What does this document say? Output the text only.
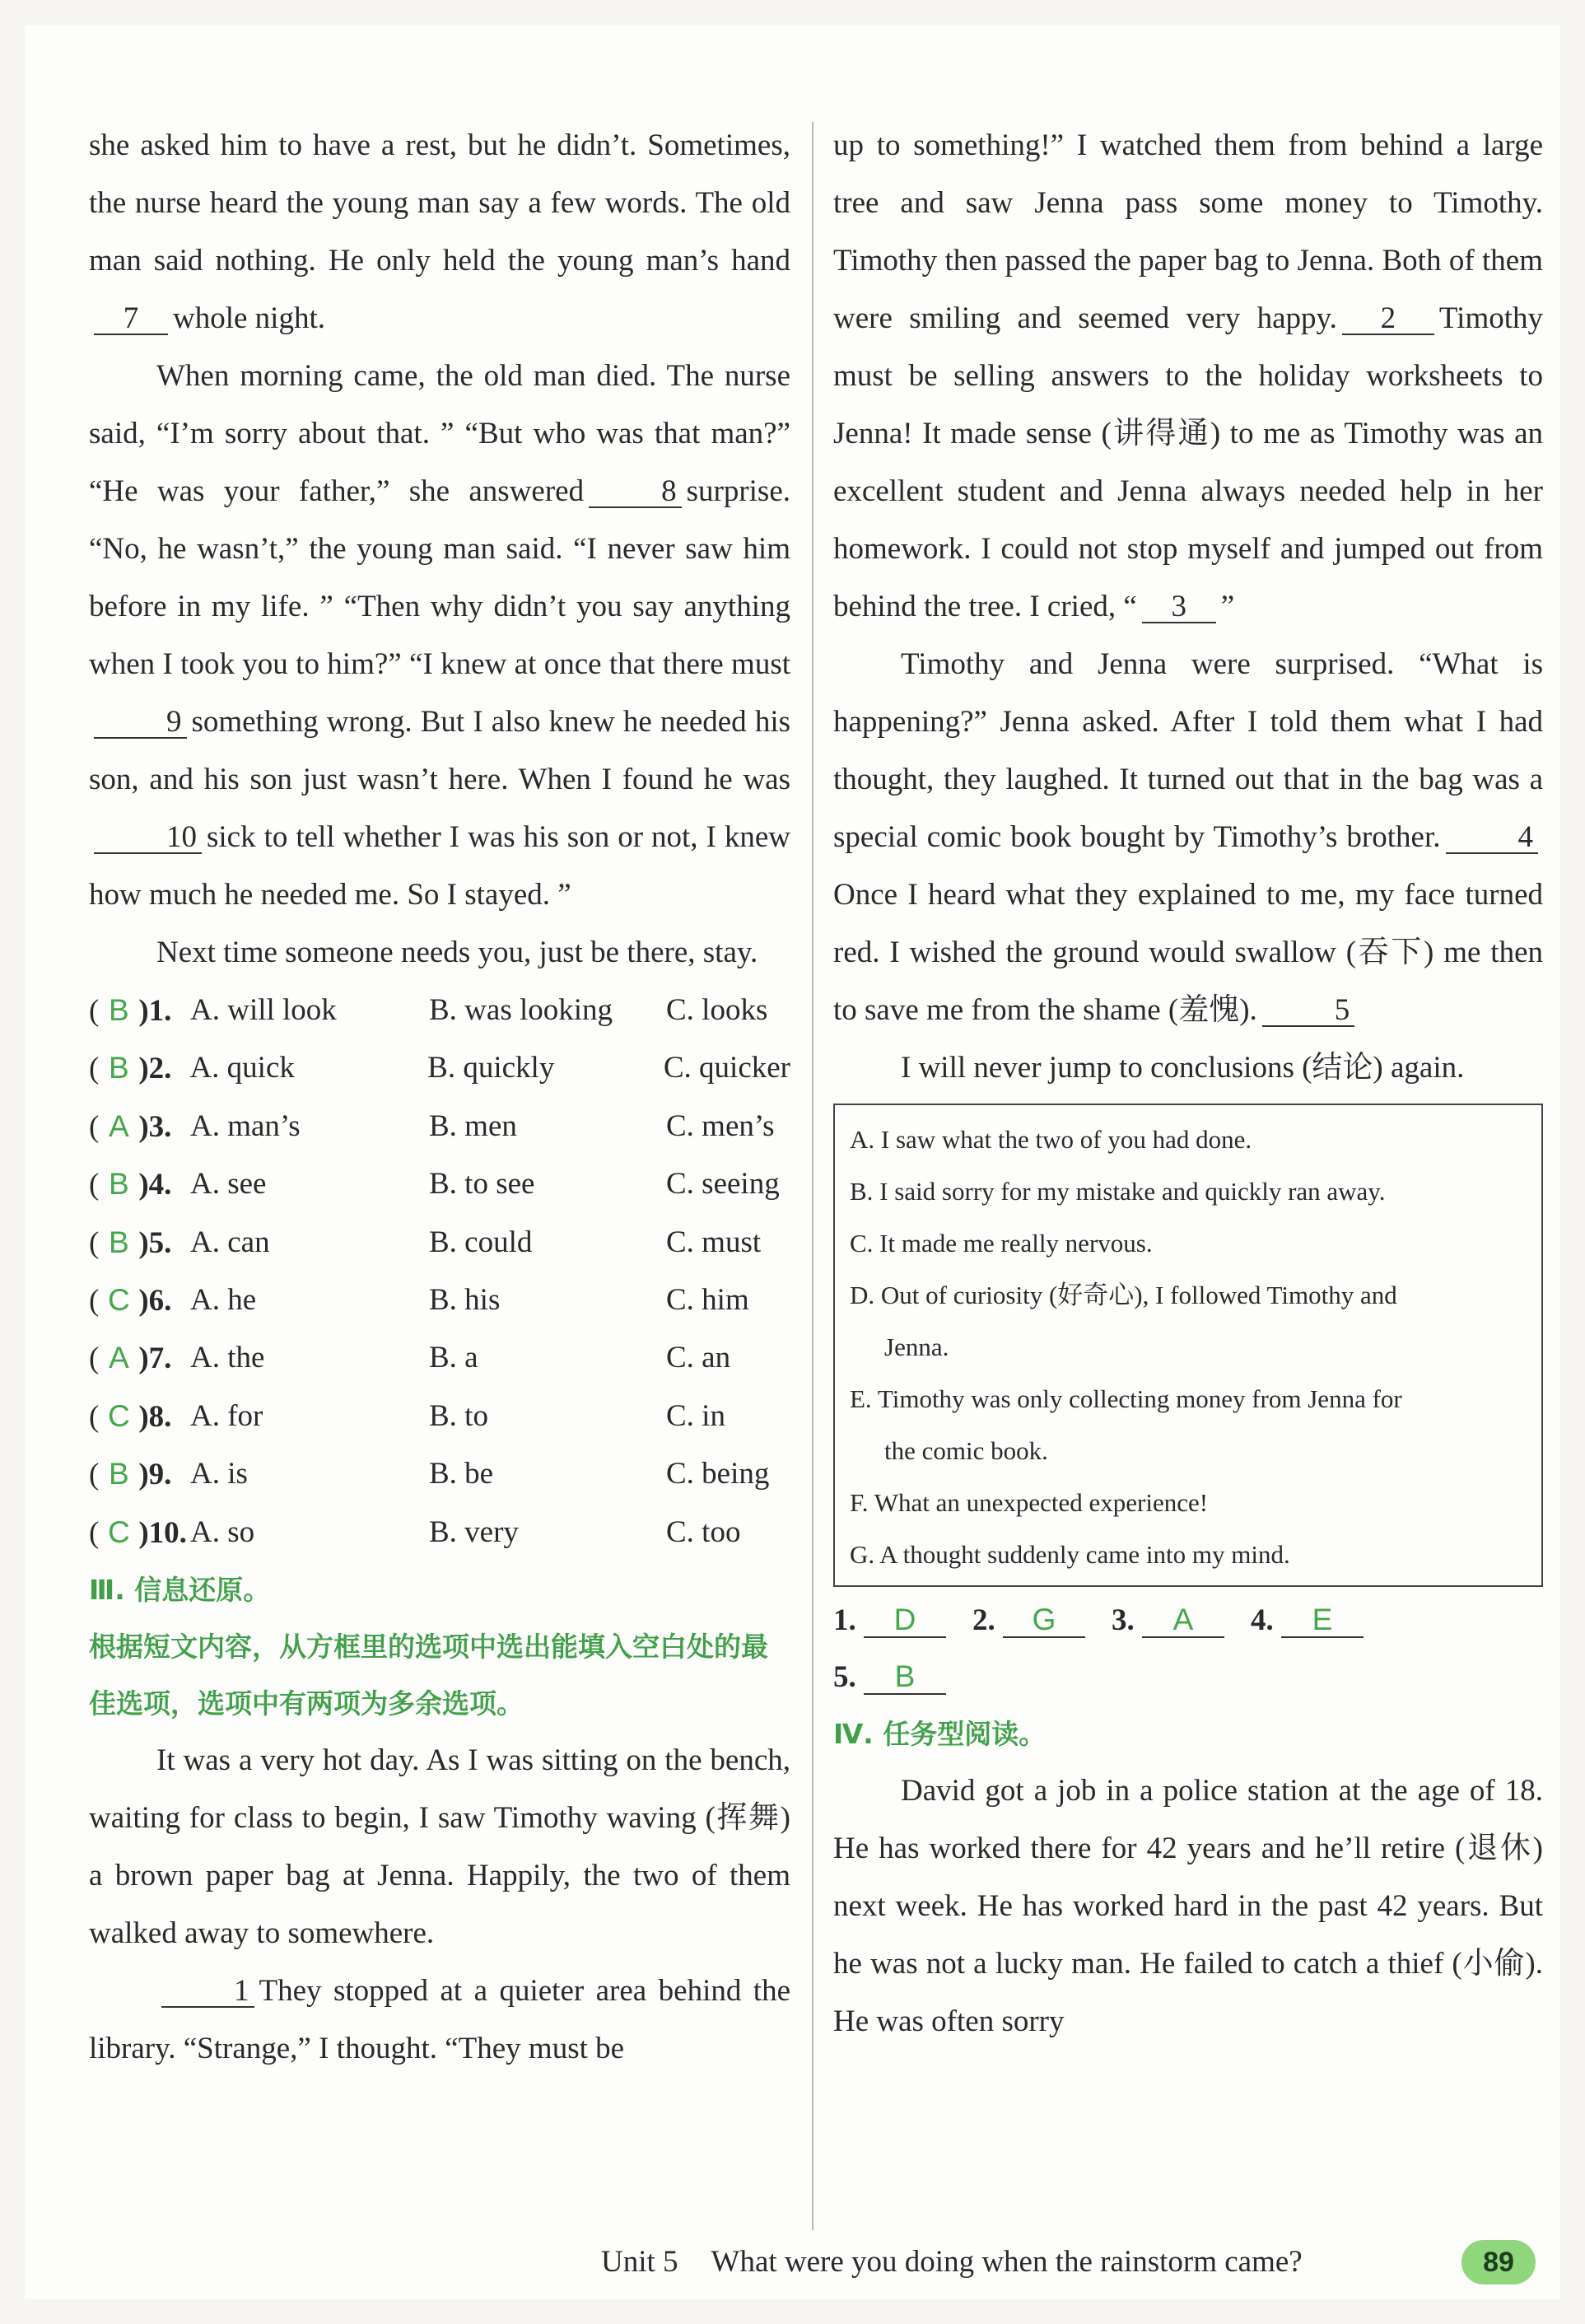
she asked him to have a rest, but he didn’t. Sometimes, the nurse heard the young man say a few words. The old man said nothing. He only held the young man’s hand7 whole night.

When morning came, the old man died. The nurse said, “I’m sorry about that. ” “But who was that man?” “He was your father,” she answered	8 surprise. “No, he wasn’t,” the young man said. “I never saw him before in my life. ” “Then why didn’t you say anything when I took you to him?” “I knew at once that there must9 something wrong. But I also knew he needed his son, and his son just wasn’t here. When I found he was10 sick to tell whether I was his son or not, I knew how much he needed me. So I stayed. ”

Next time someone needs you, just be there, stay.

( B )1. A. will look	B. was looking	C. looks
( B )2. A. quick	B. quickly	C. quicker
( A )3. A. man’s	B. men	C. men’s
( B )4. A. see	B. to see	C. seeing
( B )5. A. can	B. could	C. must
( C )6. A. he	B. his	C. him
( A )7. A. the	B. a	C. an
( C )8. A. for	B. to	C. in
( B )9. A. is	B. be	C. being
( C )10. A. so	B. very	C. too

Ⅲ. 信息还原。

根据短文内容，从方框里的选项中选出能填入空白处的最佳选项，选项中有两项为多余选项。

It was a very hot day. As I was sitting on the bench, waiting for class to begin, I saw Timothy waving (挥舞) a brown paper bag at Jenna. Happily, the two of them walked away to somewhere.

1 They stopped at a quieter area behind the library. “Strange,” I thought. “They must be

up to something!” I watched them from behind a large tree and saw Jenna pass some money to Timothy. Timothy then passed the paper bag to Jenna. Both of them were smiling and seemed very happy. 2 Timothy must be selling answers to the holiday worksheets to Jenna! It made sense (讲得通) to me as Timothy was an excellent student and Jenna always needed help in her homework. I could not stop myself and jumped out from behind the tree. I cried, “ 3 ”

Timothy and Jenna were surprised. “What is happening?” Jenna asked. After I told them what I had thought, they laughed. It turned out that in the bag was a special comic book bought by Timothy’s brother.	4Once I heard what they explained to me, my face turned red. I wished the ground would swallow (吞下) me then to save me from the shame (羞愧).	5

I will never jump to conclusions (结论) again.

A. I saw what the two of you had done.
B. I said sorry for my mistake and quickly ran away.
C. It made me really nervous.
D. Out of curiosity (好奇心), I followed Timothy and
Jenna.
E. Timothy was only collecting money from Jenna for
the comic book.
F. What an unexpected experience!
G. A thought suddenly came into my mind.
1. D 2. G 3. A 4. E
5. B

Ⅳ. 任务型阅读。

David got a job in a police station at the age of 18. He has worked there for 42 years and he’ll retire (退休) next week. He has worked hard in the past 42 years. But he was not a lucky man. He failed to catch a thief (小偷). He was often sorry

Unit 5 What were you doing when the rainstorm came?	89
